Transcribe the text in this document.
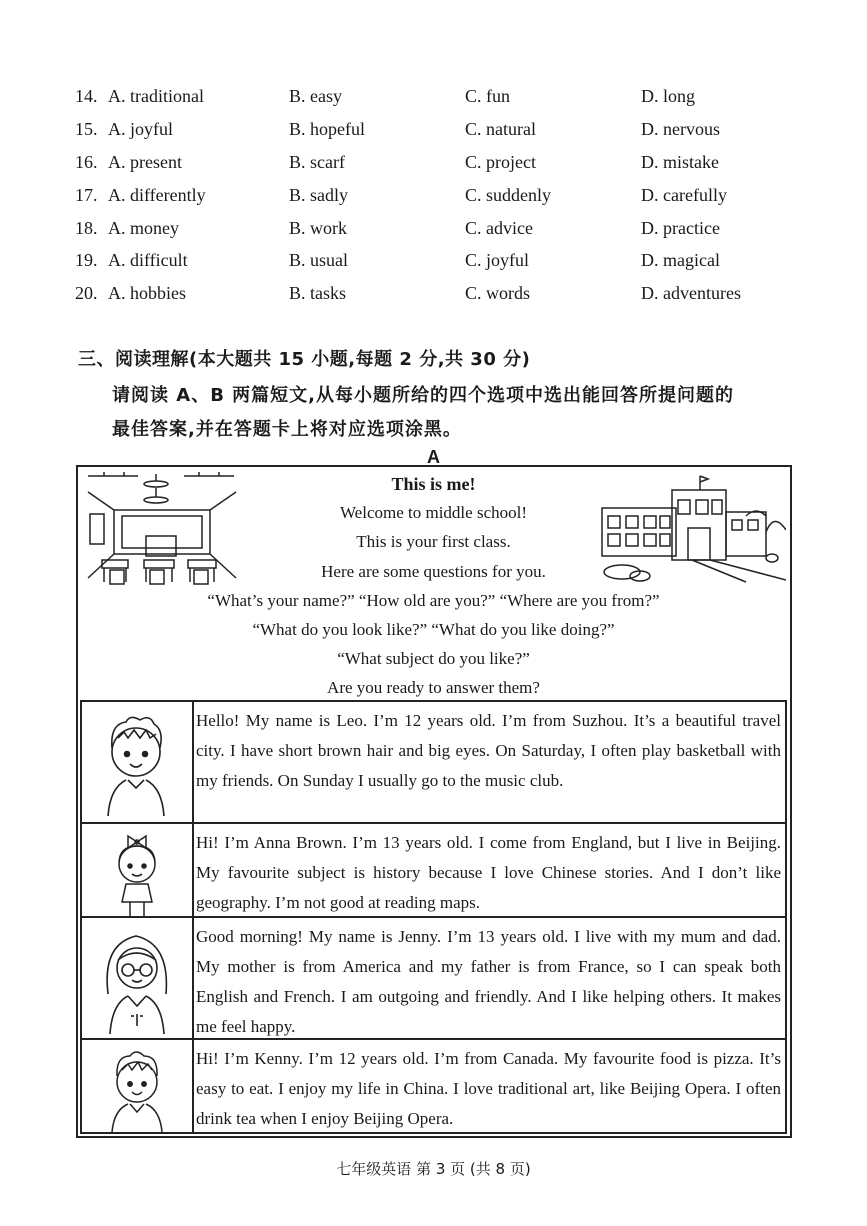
14. A. traditional	B. easy	C. fun	D. long
15. A. joyful	B. hopeful	C. natural	D. nervous
16. A. present	B. scarf	C. project	D. mistake
17. A. differently	B. sadly	C. suddenly	D. carefully
18. A. money	B. work	C. advice	D. practice
19. A. difficult	B. usual	C. joyful	D. magical
20. A. hobbies	B. tasks	C. words	D. adventures
三、阅读理解(本大题共 15 小题,每题 2 分,共 30 分)
请阅读 A、B 两篇短文,从每小题所给的四个选项中选出能回答所提问题的
最佳答案,并在答题卡上将对应选项涂黑。
A
This is me!
Welcome to middle school!
This is your first class.
Here are some questions for you.
“What’s your name?” “How old are you?” “Where are you from?”
“What do you look like?” “What do you like doing?”
“What subject do you like?”
Are you ready to answer them?
Hello! My name is Leo. I’m 12 years old. I’m from Suzhou. It’s a beautiful travel city. I have short brown hair and big eyes. On Saturday, I often play basketball with my friends. On Sunday I usually go to the music club.
Hi! I’m Anna Brown. I’m 13 years old. I come from England, but I live in Beijing. My favourite subject is history because I love Chinese stories. And I don’t like geography. I’m not good at reading maps.
Good morning! My name is Jenny. I’m 13 years old. I live with my mum and dad. My mother is from America and my father is from France, so I can speak both English and French. I am outgoing and friendly. And I like helping others. It makes me feel happy.
Hi! I’m Kenny. I’m 12 years old. I’m from Canada. My favourite food is pizza. It’s easy to eat. I enjoy my life in China. I love traditional art, like Beijing Opera. I often drink tea when I enjoy Beijing Opera.
七年级英语 第 3 页 (共 8 页)
